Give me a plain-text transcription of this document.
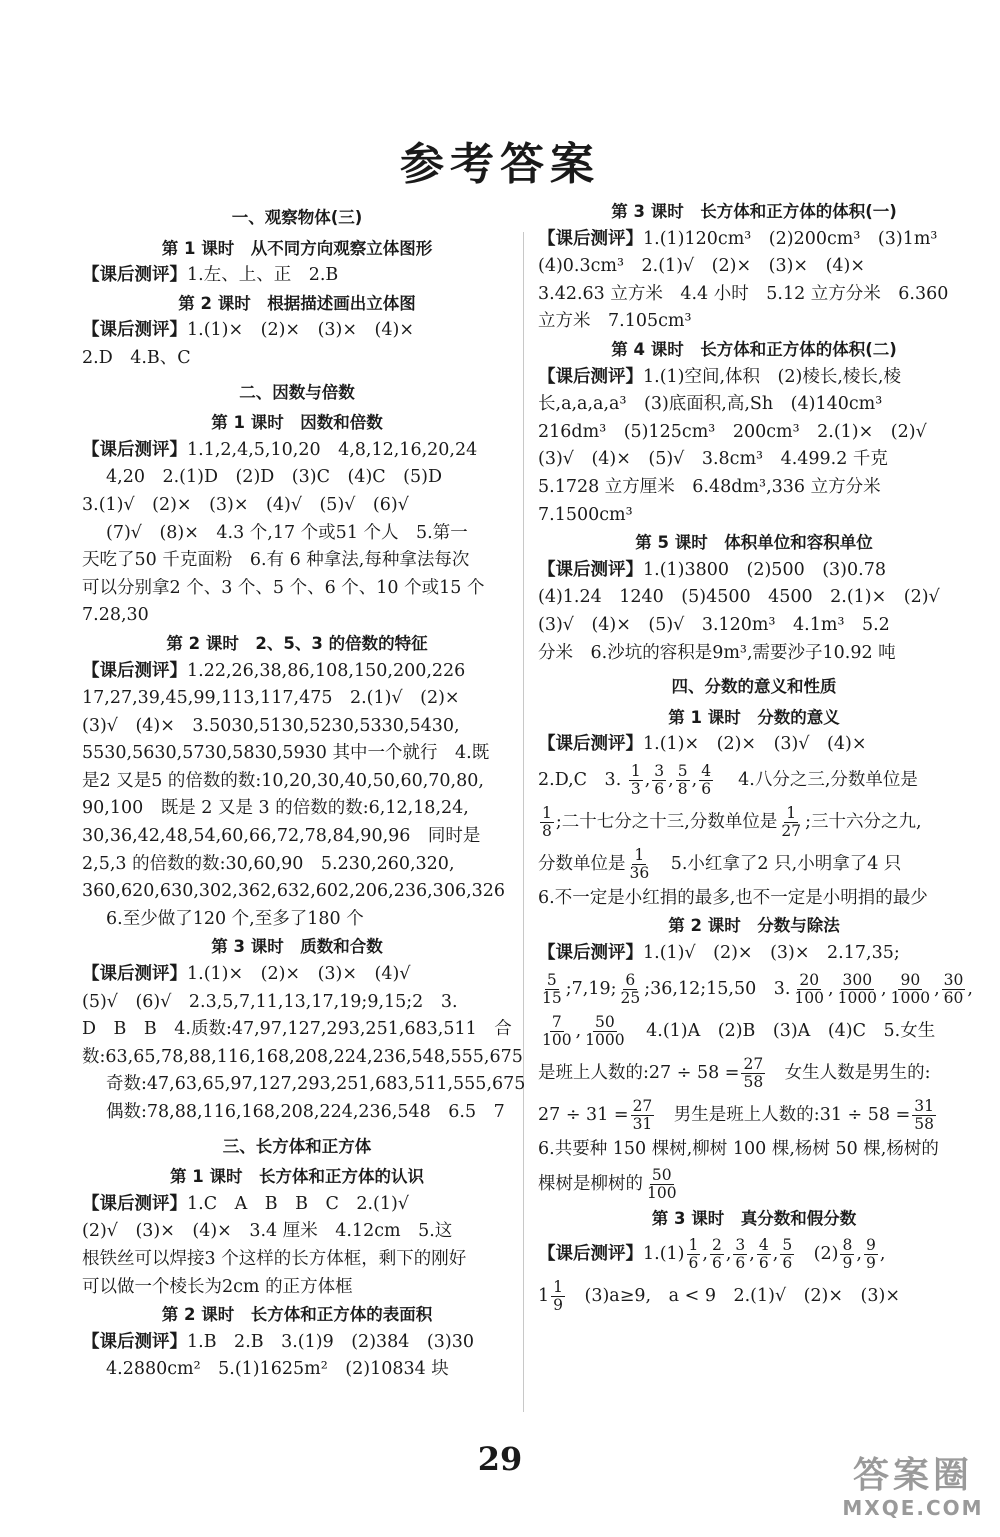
参考答案
一、观察物体(三)
第 1 课时　从不同方向观察立体图形
【课后测评】1.左、上、正　2.B
第 2 课时　根据描述画出立体图
【课后测评】1.(1)×　(2)×　(3)×　(4)×
2.D　4.B、C
二、因数与倍数
第 1 课时　因数和倍数
【课后测评】1.1,2,4,5,10,20　4,8,12,16,20,24
4,20　2.(1)D　(2)D　(3)C　(4)C　(5)D
3.(1)√　(2)×　(3)×　(4)√　(5)√　(6)√
(7)√　(8)×　4.3 个,17 个或51 个人　5.第一
天吃了50 千克面粉　6.有 6 种拿法,每种拿法每次
可以分别拿2 个、3 个、5 个、6 个、10 个或15 个
7.28,30
第 2 课时　2、5、3 的倍数的特征
【课后测评】1.22,26,38,86,108,150,200,226
17,27,39,45,99,113,117,475　2.(1)√　(2)×
(3)√　(4)×　3.5030,5130,5230,5330,5430,
5530,5630,5730,5830,5930 其中一个就行　4.既
是2 又是5 的倍数的数:10,20,30,40,50,60,70,80,
90,100　既是 2 又是 3 的倍数的数:6,12,18,24,
30,36,42,48,54,60,66,72,78,84,90,96　同时是
2,5,3 的倍数的数:30,60,90　5.230,260,320,
360,620,630,302,362,632,602,206,236,306,326
6.至少做了120 个,至多了180 个
第 3 课时　质数和合数
【课后测评】1.(1)×　(2)×　(3)×　(4)√
(5)√　(6)√　2.3,5,7,11,13,17,19;9,15;2　3.
D　B　B　4.质数:47,97,127,293,251,683,511　合
数:63,65,78,88,116,168,208,224,236,548,555,675
奇数:47,63,65,97,127,293,251,683,511,555,675
偶数:78,88,116,168,208,224,236,548　6.5　7
三、长方体和正方体
第 1 课时　长方体和正方体的认识
【课后测评】1.C　A　B　B　C　2.(1)√
(2)√　(3)×　(4)×　3.4 厘米　4.12cm　5.这
根铁丝可以焊接3 个这样的长方体框，剩下的刚好
可以做一个棱长为2cm 的正方体框
第 2 课时　长方体和正方体的表面积
【课后测评】1.B　2.B　3.(1)9　(2)384　(3)30
4.2880cm²　5.(1)1625m²　(2)10834 块
第 3 课时　长方体和正方体的体积(一)
【课后测评】1.(1)120cm³　(2)200cm³　(3)1m³
(4)0.3cm³　2.(1)√　(2)×　(3)×　(4)×
3.42.63 立方米　4.4 小时　5.12 立方分米　6.360
立方米　7.105cm³
第 4 课时　长方体和正方体的体积(二)
【课后测评】1.(1)空间,体积　(2)棱长,棱长,棱
长,a,a,a,a³　(3)底面积,高,Sh　(4)140cm³
216dm³　(5)125cm³　200cm³　2.(1)×　(2)√
(3)√　(4)×　(5)√　3.8cm³　4.499.2 千克
5.1728 立方厘米　6.48dm³,336 立方分米
7.1500cm³
第 5 课时　体积单位和容积单位
【课后测评】1.(1)3800　(2)500　(3)0.78
(4)1.24　1240　(5)4500　4500　2.(1)×　(2)√
(3)√　(4)×　(5)√　3.120m³　4.1m³　5.2
分米　6.沙坑的容积是9m³,需要沙子10.92 吨
四、分数的意义和性质
第 1 课时　分数的意义
【课后测评】1.(1)×　(2)×　(3)√　(4)×
2.D,C　3. $\frac{1}{3}$ , $\frac{3}{6}$ , $\frac{5}{8}$ , $\frac{4}{6}$ 　4.八分之三,分数单位是
$\frac{1}{8}$ ;二十七分之十三,分数单位是 $\frac{1}{27}$ ;三十六分之九,
分数单位是 $\frac{1}{36}$ 　5.小红拿了2 只,小明拿了4 只
6.不一定是小红捐的最多,也不一定是小明捐的最少
第 2 课时　分数与除法
【课后测评】1.(1)√　(2)×　(3)×　2.17,35;
$\frac{5}{15}$ ;7,19; $\frac{6}{25}$ ;36,12;15,50　3. $\frac{20}{100}$ , $\frac{300}{1000}$ , $\frac{90}{1000}$ , $\frac{30}{60}$ ,
$\frac{7}{100}$ , $\frac{50}{1000}$ 　4.(1)A　(2)B　(3)A　(4)C　5.女生
是班上人数的:27 ÷ $58 = \frac{27}{58}$ 　女生人数是男生的:
$27 \div 31 = \frac{27}{31}$ 　男生是班上人数的:31 ÷ $58 = \frac{31}{58}$
6.共要种 150 棵树,柳树 100 棵,杨树 50 棵,杨树的
棵树是柳树的 $\frac{50}{100}$
第 3 课时　真分数和假分数
【课后测评】$1.(1) \frac{1}{6}$ , $\frac{2}{6}$ , $\frac{3}{6}$ , $\frac{4}{6}$ , $\frac{5}{6}$ 　$(2) \frac{8}{9}$ , $\frac{9}{9}$ ,
$1 \frac{1}{9}$ 　(3)a≥9,　a < 9　2.(1)√　(2)×　(3)×
29	答案圈
MXQE.COM
